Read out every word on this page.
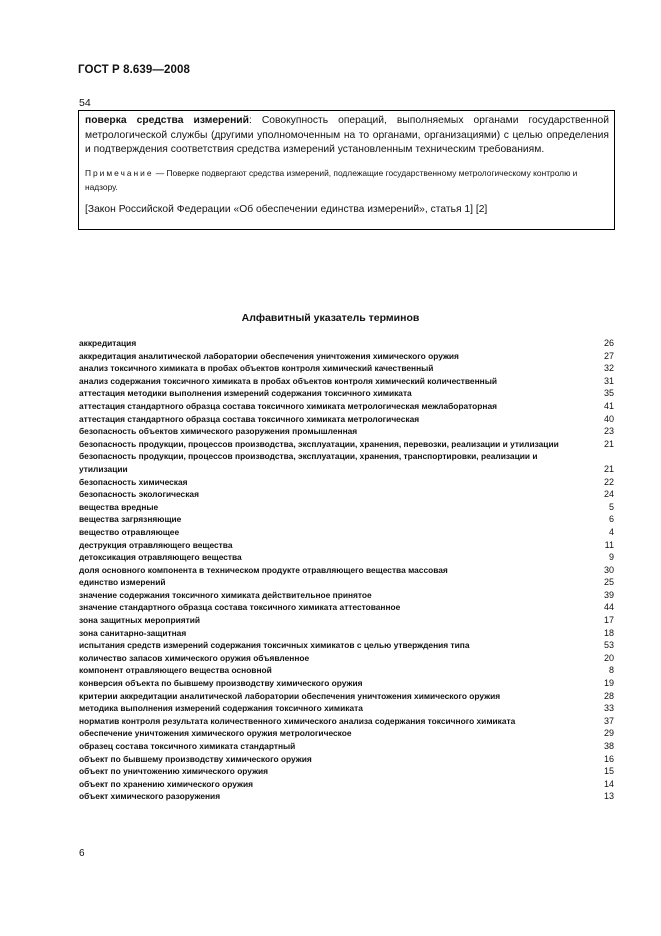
ГОСТ Р 8.639—2008
54

поверка средства измерений: Совокупность операций, выполняемых органами государственной метрологической службы (другими уполномоченным на то органами, организациями) с целью определения и подтверждения соответствия средства измерений установленным техническим требованиям.

Примечание — Поверке подвергают средства измерений, подлежащие государственному метрологическому контролю и надзору.

[Закон Российской Федерации «Об обеспечении единства измерений», статья 1] [2]

Алфавитный указатель терминов
аккредитация	26
аккредитация аналитической лаборатории обеспечения уничтожения химического оружия	27
анализ токсичного химиката в пробах объектов контроля химический качественный	32
анализ содержания токсичного химиката в пробах объектов контроля химический количественный	31
аттестация методики выполнения измерений содержания токсичного химиката	35
аттестация стандартного образца состава токсичного химиката метрологическая межлабораторная	41
аттестация стандартного образца состава токсичного химиката метрологическая	40
безопасность объектов химического разоружения промышленная	23
безопасность продукции, процессов производства, эксплуатации, хранения, перевозки, реализации и утилизации	21
безопасность продукции, процессов производства, эксплуатации, хранения, транспортировки, реализации и утилизации	21
безопасность химическая	22
безопасность экологическая	24
вещества вредные	5
вещества загрязняющие	6
вещество отравляющее	4
деструкция отравляющего вещества	11
детоксикация отравляющего вещества	9
доля основного компонента в техническом продукте отравляющего вещества массовая	30
единство измерений	25
значение содержания токсичного химиката действительное принятое	39
значение стандартного образца состава токсичного химиката аттестованное	44
зона защитных мероприятий	17
зона санитарно-защитная	18
испытания средств измерений содержания токсичных химикатов с целью утверждения типа	53
количество запасов химического оружия объявленное	20
компонент отравляющего вещества основной	8
конверсия объекта по бывшему производству химического оружия	19
критерии аккредитации аналитической лаборатории обеспечения уничтожения химического оружия	28
методика выполнения измерений содержания токсичного химиката	33
норматив контроля результата количественного химического анализа содержания токсичного химиката	37
обеспечение уничтожения химического оружия метрологическое	29
образец состава токсичного химиката стандартный	38
объект по бывшему производству химического оружия	16
объект по уничтожению химического оружия	15
объект по хранению химического оружия	14
объект химического разоружения	13
6
